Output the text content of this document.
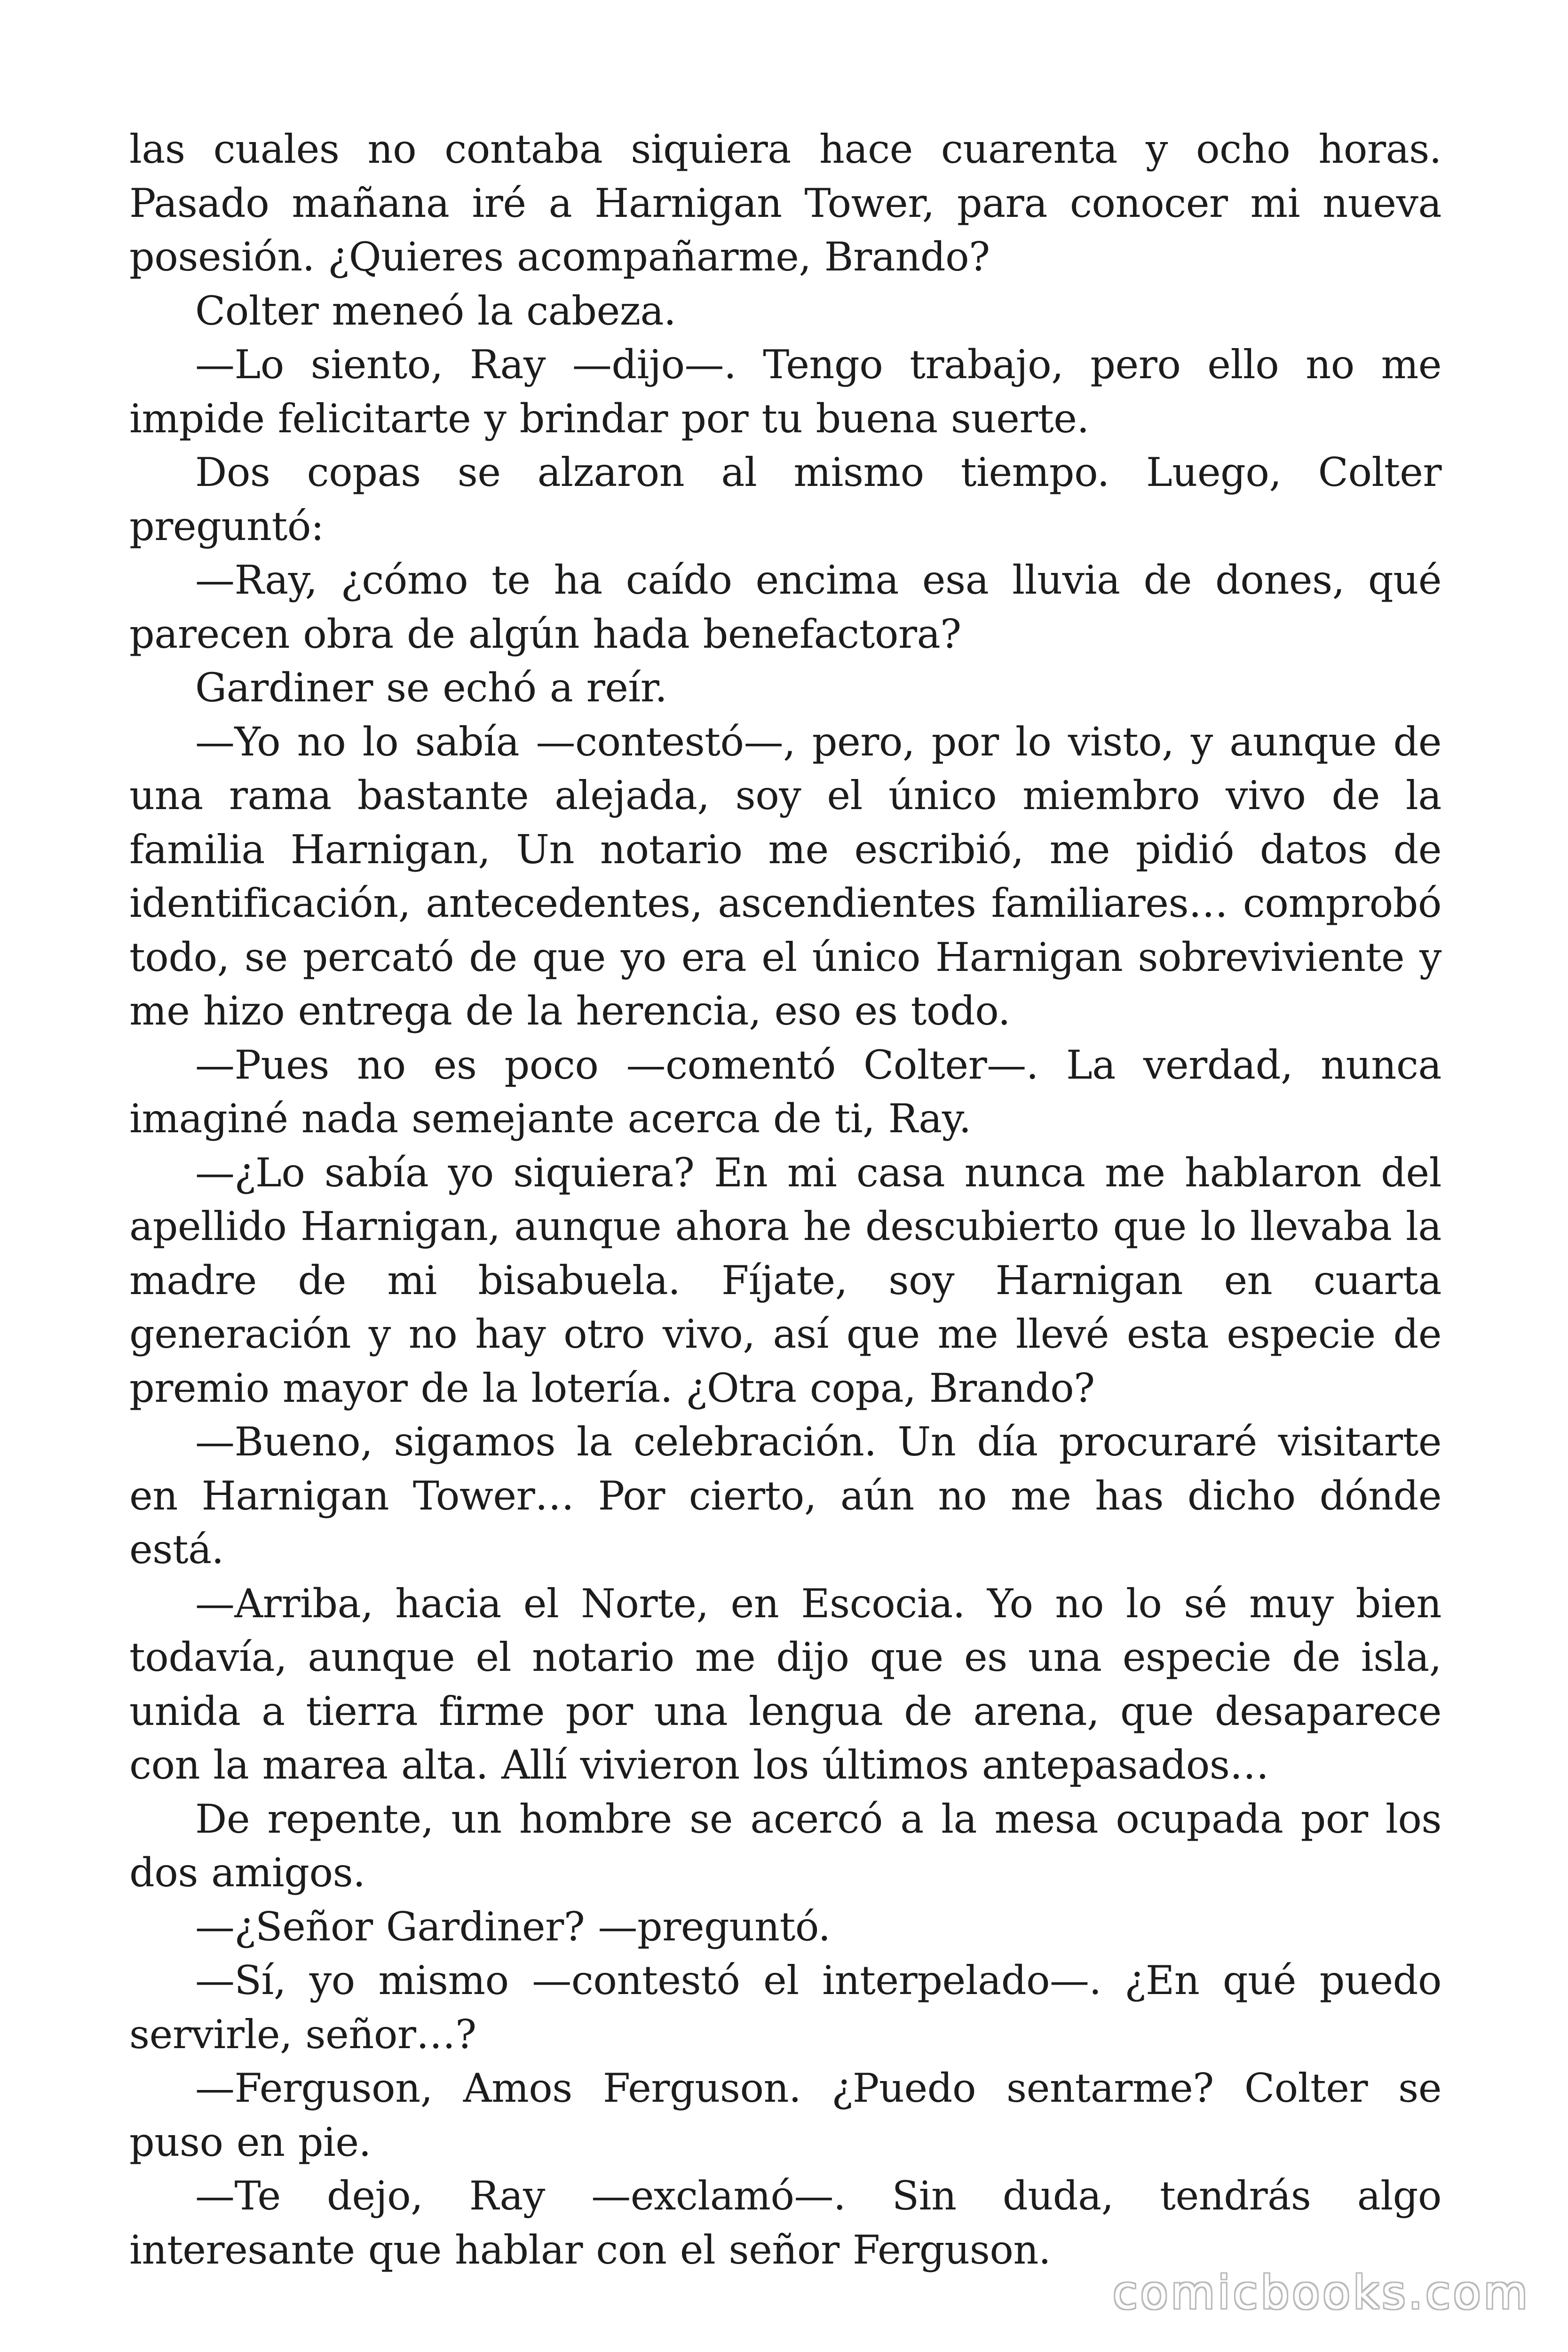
las cuales no contaba siquiera hace cuarenta y ocho horas. Pasado mañana iré a Harnigan Tower, para conocer mi nueva posesión. ¿Quieres acompañarme, Brando?

Colter meneó la cabeza.

—Lo siento, Ray —dijo—. Tengo trabajo, pero ello no me impide felicitarte y brindar por tu buena suerte.

Dos copas se alzaron al mismo tiempo. Luego, Colter preguntó:

—Ray, ¿cómo te ha caído encima esa lluvia de dones, qué parecen obra de algún hada benefactora?

Gardiner se echó a reír.

—Yo no lo sabía —contestó—, pero, por lo visto, y aunque de una rama bastante alejada, soy el único miembro vivo de la familia Harnigan, Un notario me escribió, me pidió datos de identificación, antecedentes, ascendientes familiares… comprobó todo, se percató de que yo era el único Harnigan sobreviviente y me hizo entrega de la herencia, eso es todo.

—Pues no es poco —comentó Colter—. La verdad, nunca imaginé nada semejante acerca de ti, Ray.

—¿Lo sabía yo siquiera? En mi casa nunca me hablaron del apellido Harnigan, aunque ahora he descubierto que lo llevaba la madre de mi bisabuela. Fíjate, soy Harnigan en cuarta generación y no hay otro vivo, así que me llevé esta especie de premio mayor de la lotería. ¿Otra copa, Brando?

—Bueno, sigamos la celebración. Un día procuraré visitarte en Harnigan Tower… Por cierto, aún no me has dicho dónde está.

—Arriba, hacia el Norte, en Escocia. Yo no lo sé muy bien todavía, aunque el notario me dijo que es una especie de isla, unida a tierra firme por una lengua de arena, que desaparece con la marea alta. Allí vivieron los últimos antepasados…

De repente, un hombre se acercó a la mesa ocupada por los dos amigos.

—¿Señor Gardiner? —preguntó.

—Sí, yo mismo —contestó el interpelado—. ¿En qué puedo servirle, señor…?

—Ferguson, Amos Ferguson. ¿Puedo sentarme? Colter se puso en pie.

—Te dejo, Ray —exclamó—. Sin duda, tendrás algo interesante que hablar con el señor Ferguson.

comicbooks.com
